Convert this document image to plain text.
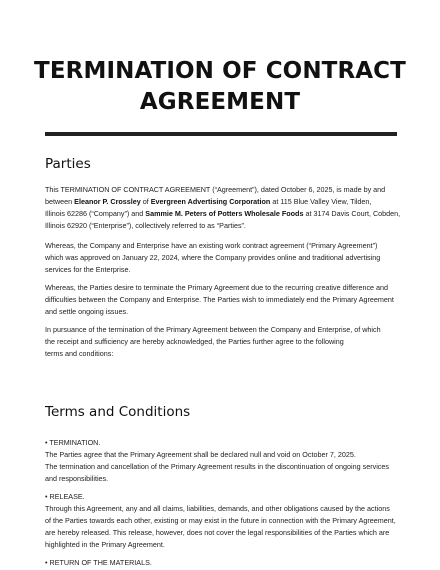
TERMINATION OF CONTRACT
AGREEMENT
Parties

This TERMINATION OF CONTRACT AGREEMENT (“Agreement”), dated October 6, 2025, is made by and
between Eleanor P. Crossley of Evergreen Advertising Corporation at 115 Blue Valley View, Tilden,
Illinois 62286 (“Company”) and Sammie M. Peters of Potters Wholesale Foods at 3174 Davis Court, Cobden,
Illinois 62920 (“Enterprise”), collectively referred to as “Parties”.

Whereas, the Company and Enterprise have an existing work contract agreement (“Primary Agreement”)
which was approved on January 22, 2024, where the Company provides online and traditional advertising
services for the Enterprise.

Whereas, the Parties desire to terminate the Primary Agreement due to the recurring creative difference and
difficulties between the Company and Enterprise. The Parties wish to immediately end the Primary Agreement
and settle ongoing issues.

In pursuance of the termination of the Primary Agreement between the Company and Enterprise, of which
the receipt and sufficiency are hereby acknowledged, the Parties further agree to the following
terms and conditions:

Terms and Conditions

• TERMINATION.
The Parties agree that the Primary Agreement shall be declared null and void on October 7, 2025.
The termination and cancellation of the Primary Agreement results in the discontinuation of ongoing services
and responsibilities.

• RELEASE.
Through this Agreement, any and all claims, liabilities, demands, and other obligations caused by the actions
of the Parties towards each other, existing or may exist in the future in connection with the Primary Agreement,
are hereby released. This release, however, does not cover the legal responsibilities of the Parties which are
highlighted in the Primary Agreement.

• RETURN OF THE MATERIALS.
